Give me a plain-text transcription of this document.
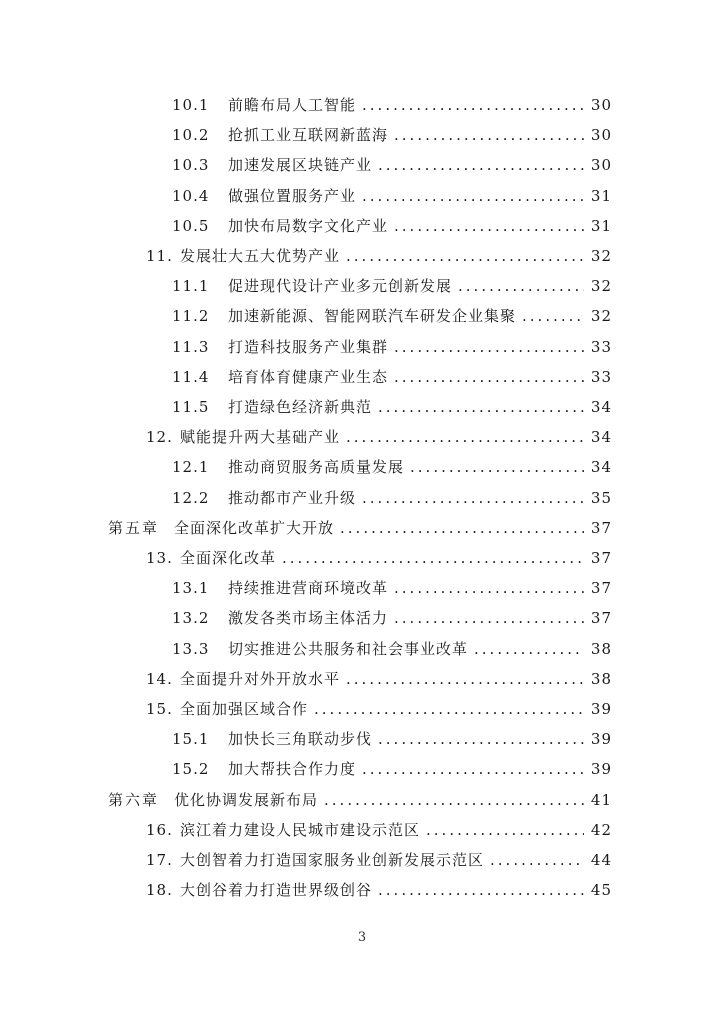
10.1	前瞻布局人工智能 .....	30
10.2	抢抓工业互联网新蓝海 .....	30
10.3	加速发展区块链产业 .....	30
10.4	做强位置服务产业 .....	31
10.5	加快布局数字文化产业 .....	31
11. 发展壮大五大优势产业 .....	32
11.1	促进现代设计产业多元创新发展 .....	32
11.2	加速新能源、智能网联汽车研发企业集聚 .....	32
11.3	打造科技服务产业集群 .....	33
11.4	培育体育健康产业生态 .....	33
11.5	打造绿色经济新典范 .....	34
12. 赋能提升两大基础产业 .....	34
12.1	推动商贸服务高质量发展 .....	34
12.2	推动都市产业升级 .....	35
第五章 全面深化改革扩大开放 .....	37
13. 全面深化改革 .....	37
13.1	持续推进营商环境改革 .....	37
13.2	激发各类市场主体活力 .....	37
13.3	切实推进公共服务和社会事业改革 .....	38
14. 全面提升对外开放水平 .....	38
15. 全面加强区域合作 .....	39
15.1	加快长三角联动步伐 .....	39
15.2	加大帮扶合作力度 .....	39
第六章 优化协调发展新布局 .....	41
16. 滨江着力建设人民城市建设示范区 .....	42
17. 大创智着力打造国家服务业创新发展示范区 .....	44
18. 大创谷着力打造世界级创谷 .....	45
3
